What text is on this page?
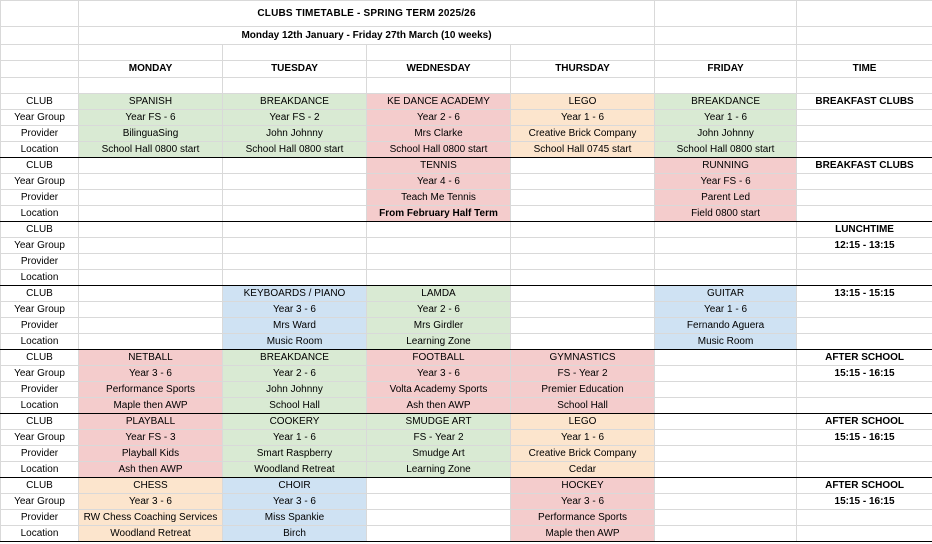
	CLUBS TIMETABLE - SPRING TERM 2025/26					
	Monday 12th January - Friday 27th March (10 weeks)					

	MONDAY	TUESDAY	WEDNESDAY	THURSDAY	FRIDAY	TIME

CLUB	SPANISH	BREAKDANCE	KE DANCE ACADEMY	LEGO	BREAKDANCE	BREAKFAST CLUBS
Year Group	Year FS - 6	Year FS - 2	Year 2 - 6	Year 1 - 6	Year 1 - 6	
Provider	BilinguaSing	John Johnny	Mrs Clarke	Creative Brick Company	John Johnny	
Location	School Hall 0800 start	School Hall 0800 start	School Hall 0800 start	School Hall 0745 start	School Hall 0800 start	
CLUB			TENNIS		RUNNING	BREAKFAST CLUBS
Year Group			Year 4 - 6		Year FS - 6	
Provider			Teach Me Tennis		Parent Led	
Location			From February Half Term		Field 0800 start	
CLUB						LUNCHTIME
Year Group						12:15 - 13:15
Provider						
Location						
CLUB		KEYBOARDS / PIANO	LAMDA		GUITAR	13:15 - 15:15
Year Group		Year 3 - 6	Year 2 - 6		Year 1 - 6	
Provider		Mrs Ward	Mrs Girdler		Fernando Aguera	
Location		Music Room	Learning Zone		Music Room	
CLUB	NETBALL	BREAKDANCE	FOOTBALL	GYMNASTICS		AFTER SCHOOL
Year Group	Year 3 - 6	Year 2 - 6	Year 3 - 6	FS - Year 2		15:15 - 16:15
Provider	Performance Sports	John Johnny	Volta Academy Sports	Premier Education		
Location	Maple then AWP	School Hall	Ash then AWP	School Hall		
CLUB	PLAYBALL	COOKERY	SMUDGE ART	LEGO		AFTER SCHOOL
Year Group	Year FS - 3	Year 1 - 6	FS - Year 2	Year 1 - 6		15:15 - 16:15
Provider	Playball Kids	Smart Raspberry	Smudge Art	Creative Brick Company		
Location	Ash then AWP	Woodland Retreat	Learning Zone	Cedar		
CLUB	CHESS	CHOIR		HOCKEY		AFTER SCHOOL
Year Group	Year 3 - 6	Year 3 - 6		Year 3 - 6		15:15 - 16:15
Provider	RW Chess Coaching Services	Miss Spankie		Performance Sports		
Location	Woodland Retreat	Birch		Maple then AWP		
